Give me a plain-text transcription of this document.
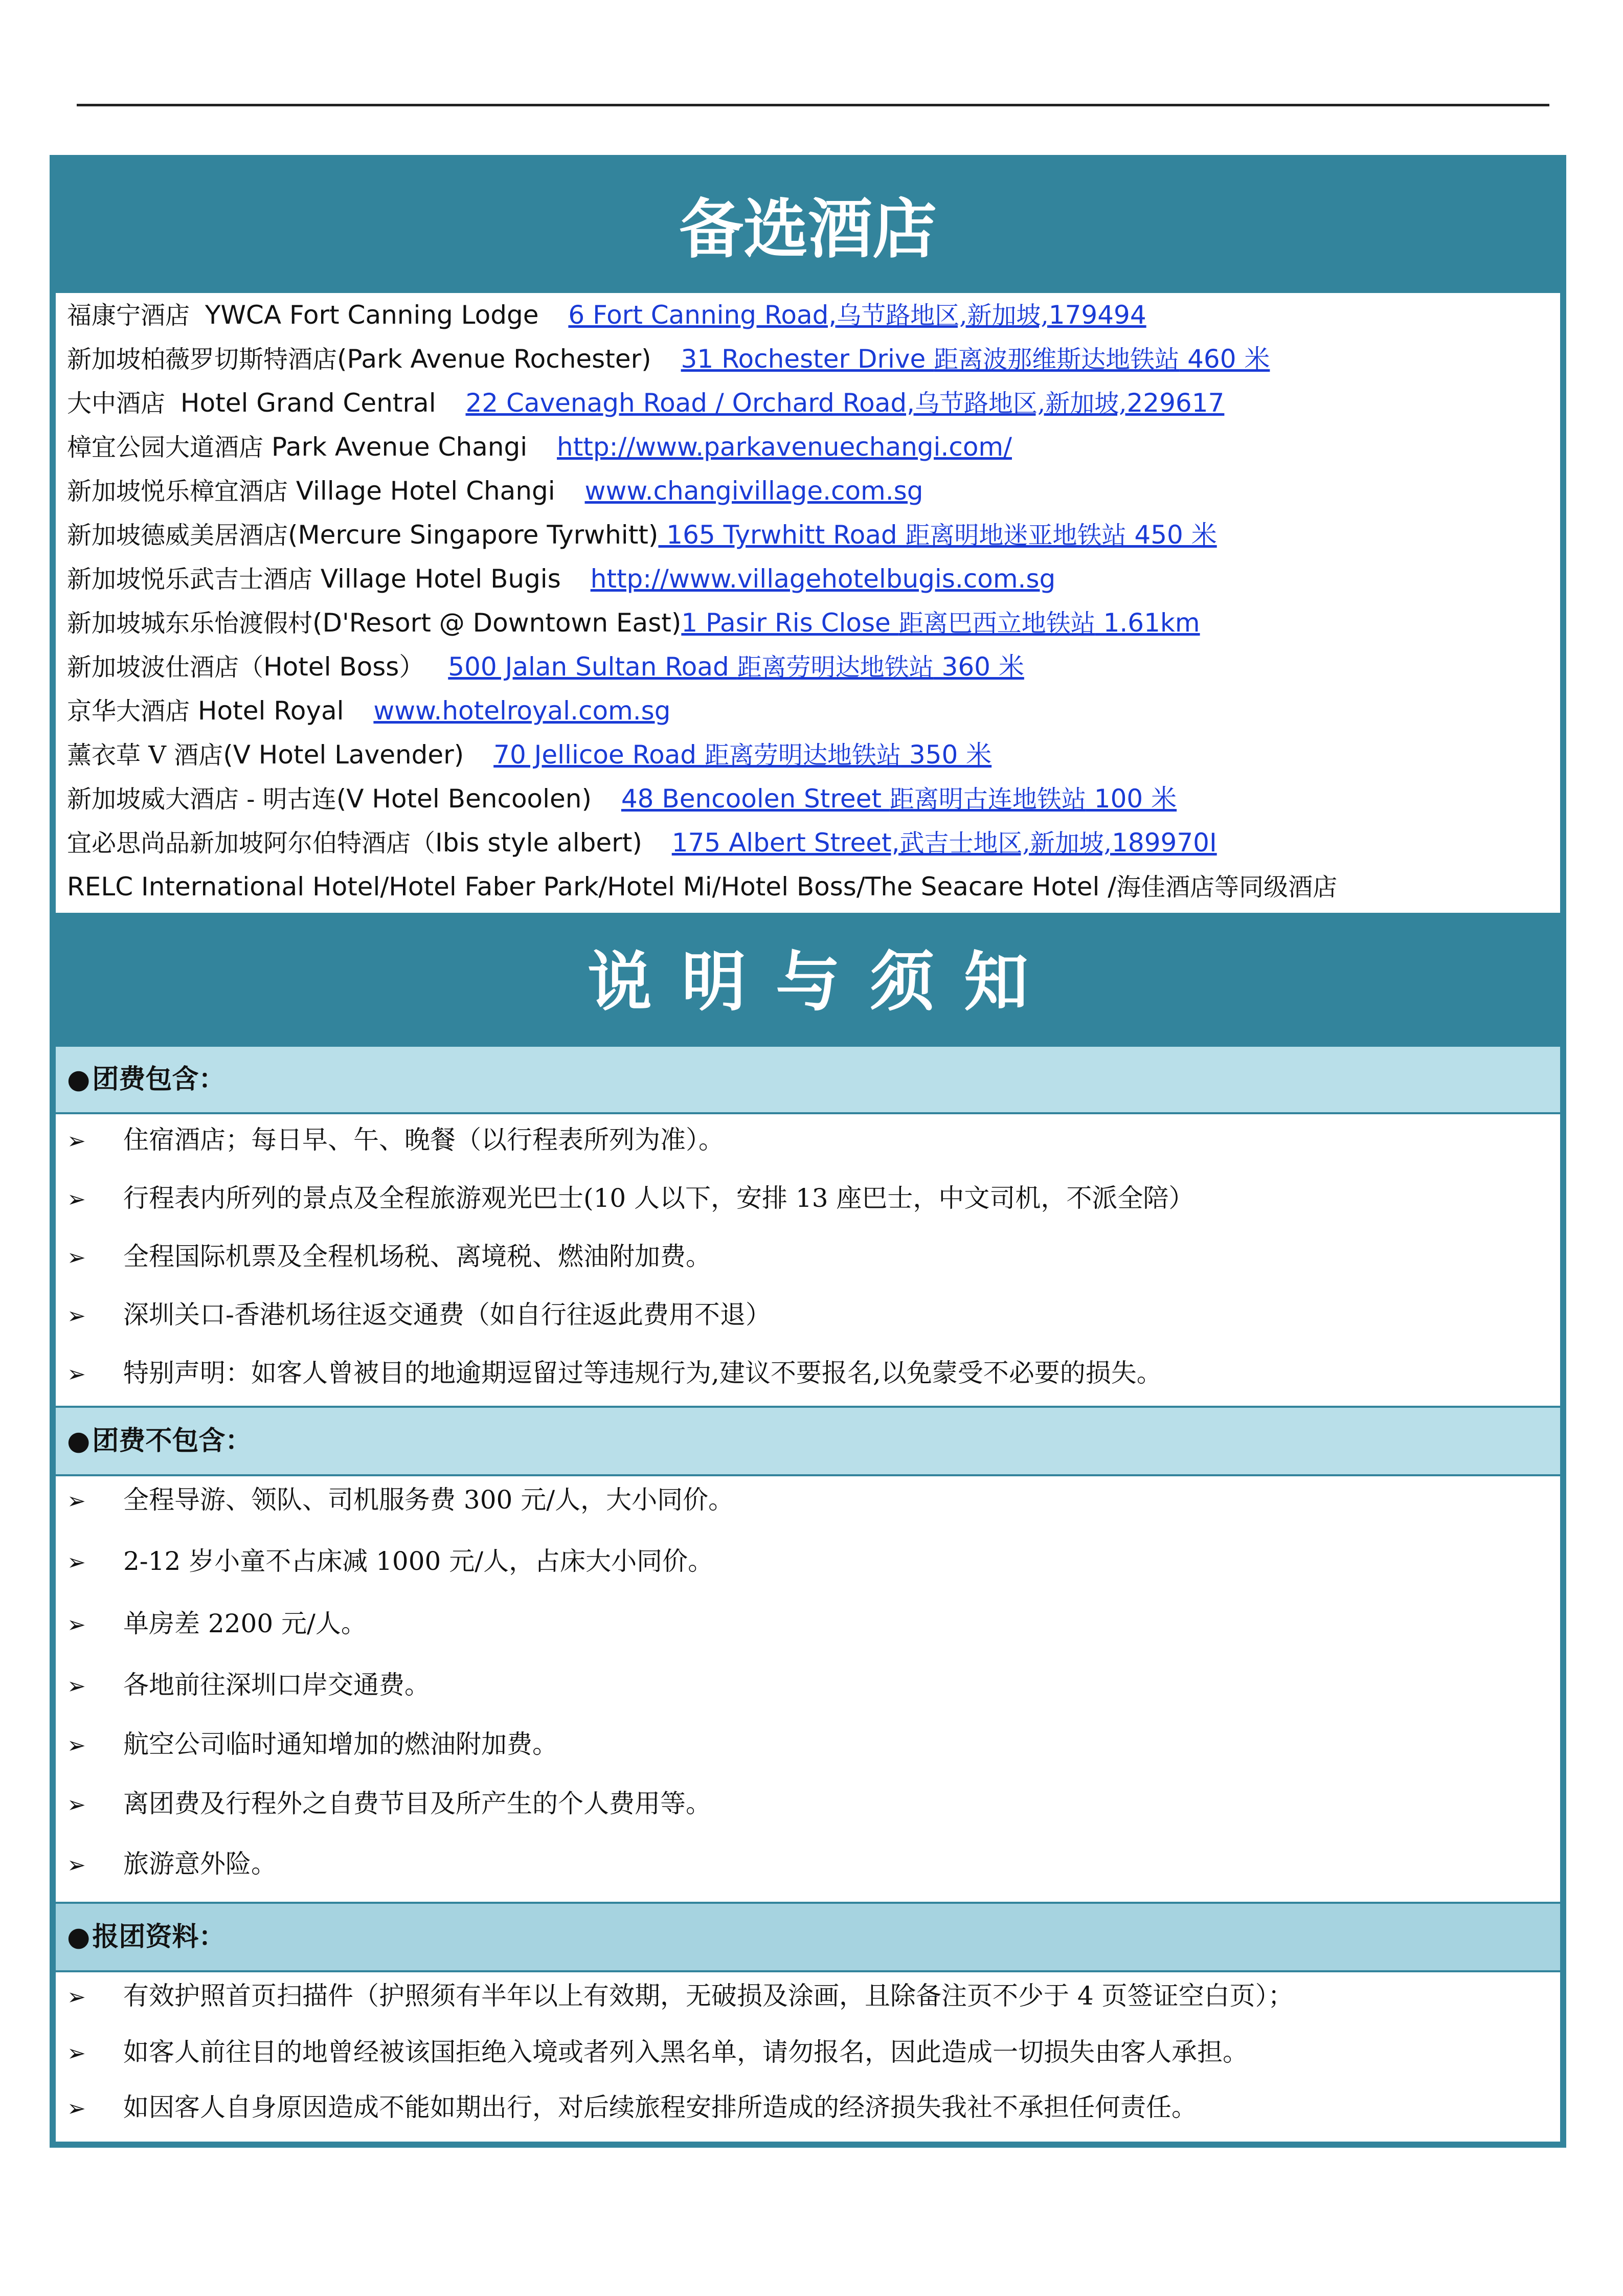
备选酒店
福康宁酒店 YWCA Fort Canning Lodge 6 Fort Canning Road,乌节路地区,新加坡,179494
新加坡柏薇罗切斯特酒店(Park Avenue Rochester) 31 Rochester Drive 距离波那维斯达地铁站 460 米
大中酒店 Hotel Grand Central 22 Cavenagh Road / Orchard Road,乌节路地区,新加坡,229617
樟宜公园大道酒店 Park Avenue Changi http://www.parkavenuechangi.com/
新加坡悦乐樟宜酒店 Village Hotel Changi www.changivillage.com.sg
新加坡德威美居酒店(Mercure Singapore Tyrwhitt) 165 Tyrwhitt Road 距离明地迷亚地铁站 450 米
新加坡悦乐武吉士酒店 Village Hotel Bugis http://www.villagehotelbugis.com.sg
新加坡城东乐怡渡假村(D'Resort @ Downtown East)1 Pasir Ris Close 距离巴西立地铁站 1.61km
新加坡波仕酒店（Hotel Boss） 500 Jalan Sultan Road 距离劳明达地铁站 360 米
京华大酒店 Hotel Royal www.hotelroyal.com.sg
薰衣草 V 酒店(V Hotel Lavender) 70 Jellicoe Road 距离劳明达地铁站 350 米
新加坡威大酒店 - 明古连(V Hotel Bencoolen) 48 Bencoolen Street 距离明古连地铁站 100 米
宜必思尚品新加坡阿尔伯特酒店（Ibis style albert) 175 Albert Street,武吉士地区,新加坡,189970I
RELC International Hotel/Hotel Faber Park/Hotel Mi/Hotel Boss/The Seacare Hotel /海佳酒店等同级酒店
说明与须知
●团费包含：
➢ 住宿酒店；每日早、午、晚餐（以行程表所列为准）。
➢ 行程表内所列的景点及全程旅游观光巴士(10 人以下，安排 13 座巴士，中文司机，不派全陪）
➢ 全程国际机票及全程机场税、离境税、燃油附加费。
➢ 深圳关口-香港机场往返交通费（如自行往返此费用不退）
➢ 特别声明：如客人曾被目的地逾期逗留过等违规行为,建议不要报名,以免蒙受不必要的损失。
●团费不包含：
➢ 全程导游、领队、司机服务费 300 元/人，大小同价。
➢ 2-12 岁小童不占床减 1000 元/人，占床大小同价。
➢ 单房差 2200 元/人。
➢ 各地前往深圳口岸交通费。
➢ 航空公司临时通知增加的燃油附加费。
➢ 离团费及行程外之自费节目及所产生的个人费用等。
➢ 旅游意外险。
●报团资料：
➢ 有效护照首页扫描件（护照须有半年以上有效期，无破损及涂画，且除备注页不少于 4 页签证空白页）；
➢ 如客人前往目的地曾经被该国拒绝入境或者列入黑名单，请勿报名，因此造成一切损失由客人承担。
➢ 如因客人自身原因造成不能如期出行，对后续旅程安排所造成的经济损失我社不承担任何责任。
